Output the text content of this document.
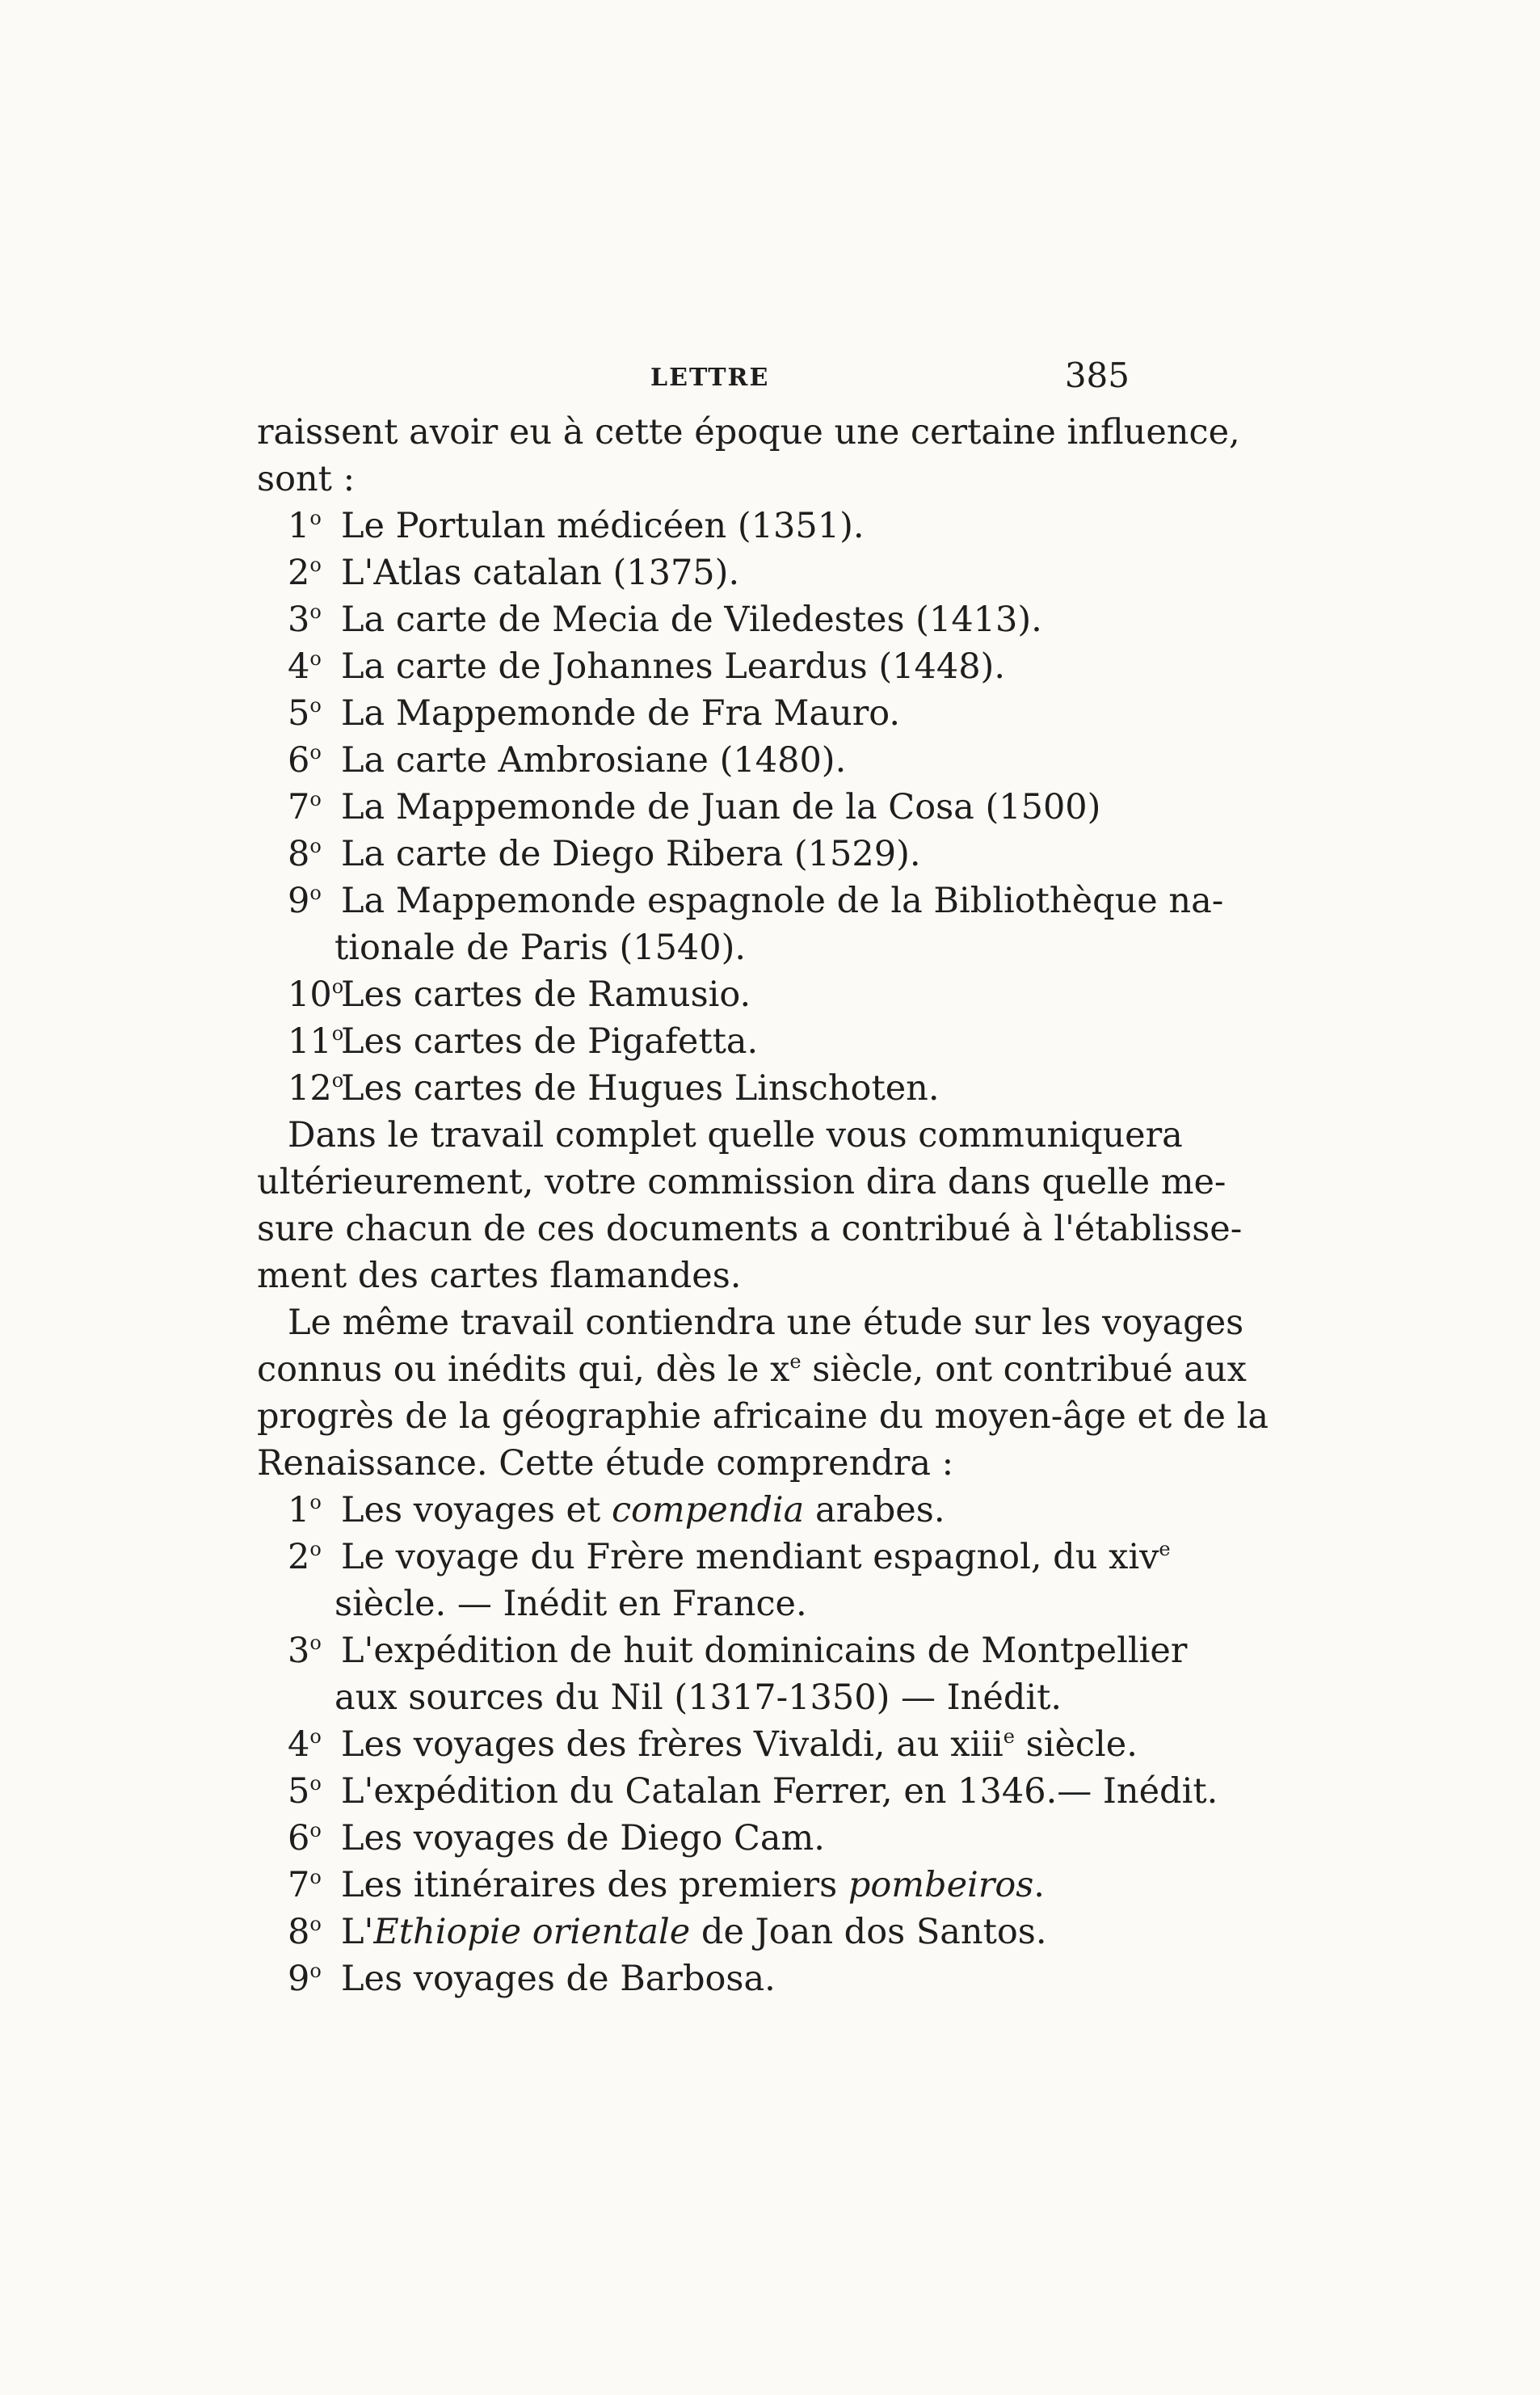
LETTRE	385
raissent avoir eu à cette époque une certaine influence,
sont :
1$^o$ Le Portulan médicéen (1351).
2$^o$ L'Atlas catalan (1375).
3$^o$ La carte de Mecia de Viledestes (1413).
4$^o$ La carte de Johannes Leardus (1448).
5$^o$ La Mappemonde de Fra Mauro.
6$^o$ La carte Ambrosiane (1480).
7$^o$ La Mappemonde de Juan de la Cosa (1500)
8$^o$ La carte de Diego Ribera (1529).
9$^o$ La Mappemonde espagnole de la Bibliothèque na-
tionale de Paris (1540).
10$^o$Les cartes de Ramusio.
11$^o$Les cartes de Pigafetta.
12$^o$Les cartes de Hugues Linschoten.
Dans le travail complet quelle vous communiquera
ultérieurement, votre commission dira dans quelle me-
sure chacun de ces documents a contribué à l'établisse-
ment des cartes flamandes.
Le même travail contiendra une étude sur les voyages
connus ou inédits qui, dès le $x^e$ siècle, ont contribué aux
progrès de la géographie africaine du moyen-âge et de la
Renaissance. Cette étude comprendra :
1$^o$ Les voyages et compendia arabes.
2$^o$ Le voyage du Frère mendiant espagnol, du xiv$^e$
siècle. — Inédit en France.
3$^o$ L'expédition de huit dominicains de Montpellier
aux sources du Nil (1317-1350) — Inédit.
4$^o$ Les voyages des frères Vivaldi, au xiii$^e$ siècle.
5$^o$ L'expédition du Catalan Ferrer, en 1346.— Inédit.
6$^o$ Les voyages de Diego Cam.
7$^o$ Les itinéraires des premiers pombeiros.
8$^o$ L'Ethiopie orientale de Joan dos Santos.
9$^o$ Les voyages de Barbosa.
